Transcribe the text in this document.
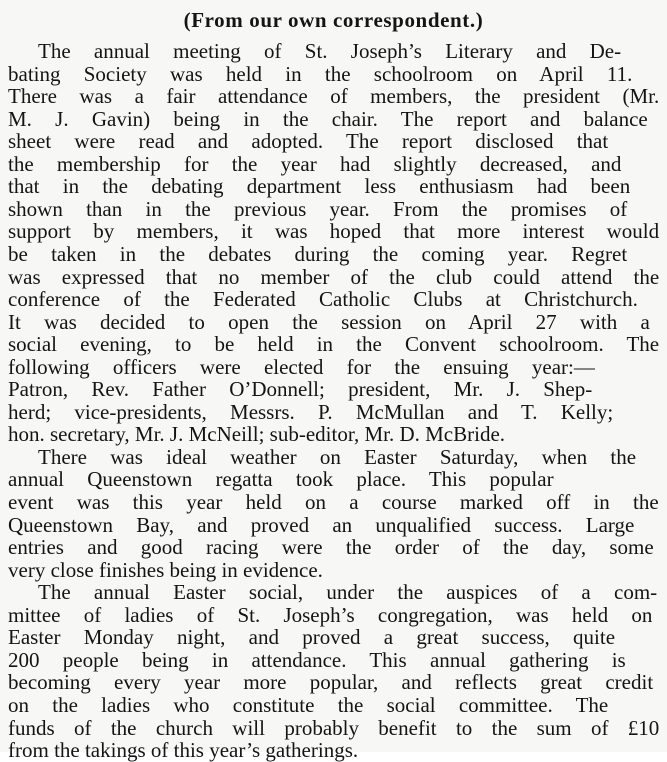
(From our own correspondent.)
The annual meeting of St. Joseph’s Literary and De-
bating Society was held in the schoolroom on April 11.
There was a fair attendance of members, the president (Mr.
M. J. Gavin) being in the chair. The report and balance
sheet were read and adopted. The report disclosed that
the membership for the year had slightly decreased, and
that in the debating department less enthusiasm had been
shown than in the previous year. From the promises of
support by members, it was hoped that more interest would
be taken in the debates during the coming year. Regret
was expressed that no member of the club could attend the
conference of the Federated Catholic Clubs at Christchurch.
It was decided to open the session on April 27 with a
social evening, to be held in the Convent schoolroom. The
following officers were elected for the ensuing year:—
Patron, Rev. Father O’Donnell; president, Mr. J. Shep-
herd; vice-presidents, Messrs. P. McMullan and T. Kelly;
hon. secretary, Mr. J. McNeill; sub-editor, Mr. D. McBride.
There was ideal weather on Easter Saturday, when the
annual Queenstown regatta took place. This popular
event was this year held on a course marked off in the
Queenstown Bay, and proved an unqualified success. Large
entries and good racing were the order of the day, some
very close finishes being in evidence.
The annual Easter social, under the auspices of a com-
mittee of ladies of St. Joseph’s congregation, was held on
Easter Monday night, and proved a great success, quite
200 people being in attendance. This annual gathering is
becoming every year more popular, and reflects great credit
on the ladies who constitute the social committee. The
funds of the church will probably benefit to the sum of £10
from the takings of this year’s gatherings.
